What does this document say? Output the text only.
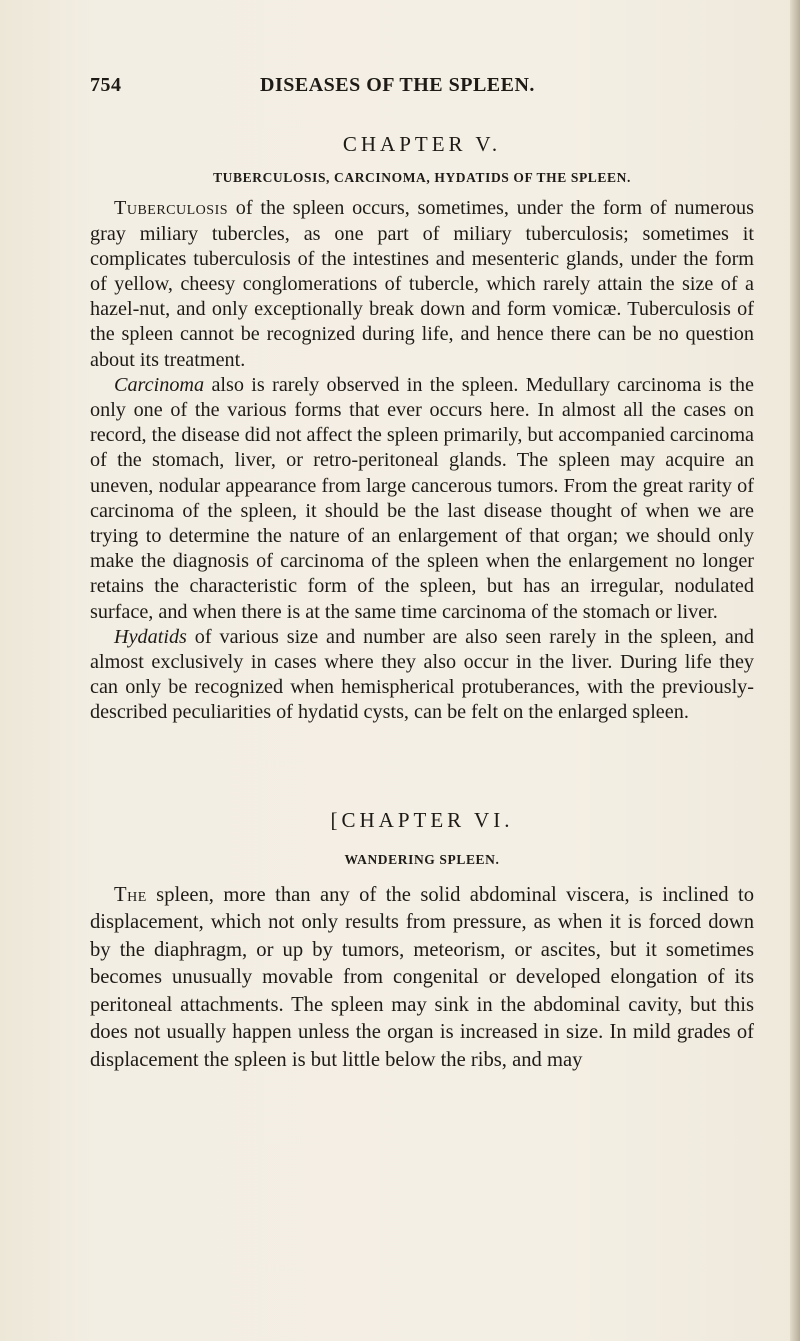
754	DISEASES OF THE SPLEEN.
CHAPTER V.
TUBERCULOSIS, CARCINOMA, HYDATIDS OF THE SPLEEN.

Tuberculosis of the spleen occurs, sometimes, under the form of numerous gray miliary tubercles, as one part of miliary tuberculosis; sometimes it complicates tuberculosis of the intestines and mesenteric glands, under the form of yellow, cheesy conglomerations of tubercle, which rarely attain the size of a hazel-nut, and only exceptionally break down and form vomicæ. Tuberculosis of the spleen cannot be recognized during life, and hence there can be no question about its treatment.

Carcinoma also is rarely observed in the spleen. Medullary carcinoma is the only one of the various forms that ever occurs here. In almost all the cases on record, the disease did not affect the spleen primarily, but accompanied carcinoma of the stomach, liver, or retro-peritoneal glands. The spleen may acquire an uneven, nodular appearance from large cancerous tumors. From the great rarity of carcinoma of the spleen, it should be the last disease thought of when we are trying to determine the nature of an enlargement of that organ; we should only make the diagnosis of carcinoma of the spleen when the enlargement no longer retains the characteristic form of the spleen, but has an irregular, nodulated surface, and when there is at the same time carcinoma of the stomach or liver.

Hydatids of various size and number are also seen rarely in the spleen, and almost exclusively in cases where they also occur in the liver. During life they can only be recognized when hemispherical protuberances, with the previously-described peculiarities of hydatid cysts, can be felt on the enlarged spleen.

[CHAPTER VI.
WANDERING SPLEEN.

The spleen, more than any of the solid abdominal viscera, is inclined to displacement, which not only results from pressure, as when it is forced down by the diaphragm, or up by tumors, meteorism, or ascites, but it sometimes becomes unusually movable from congenital or developed elongation of its peritoneal attachments. The spleen may sink in the abdominal cavity, but this does not usually happen unless the organ is increased in size. In mild grades of displacement the spleen is but little below the ribs, and may
